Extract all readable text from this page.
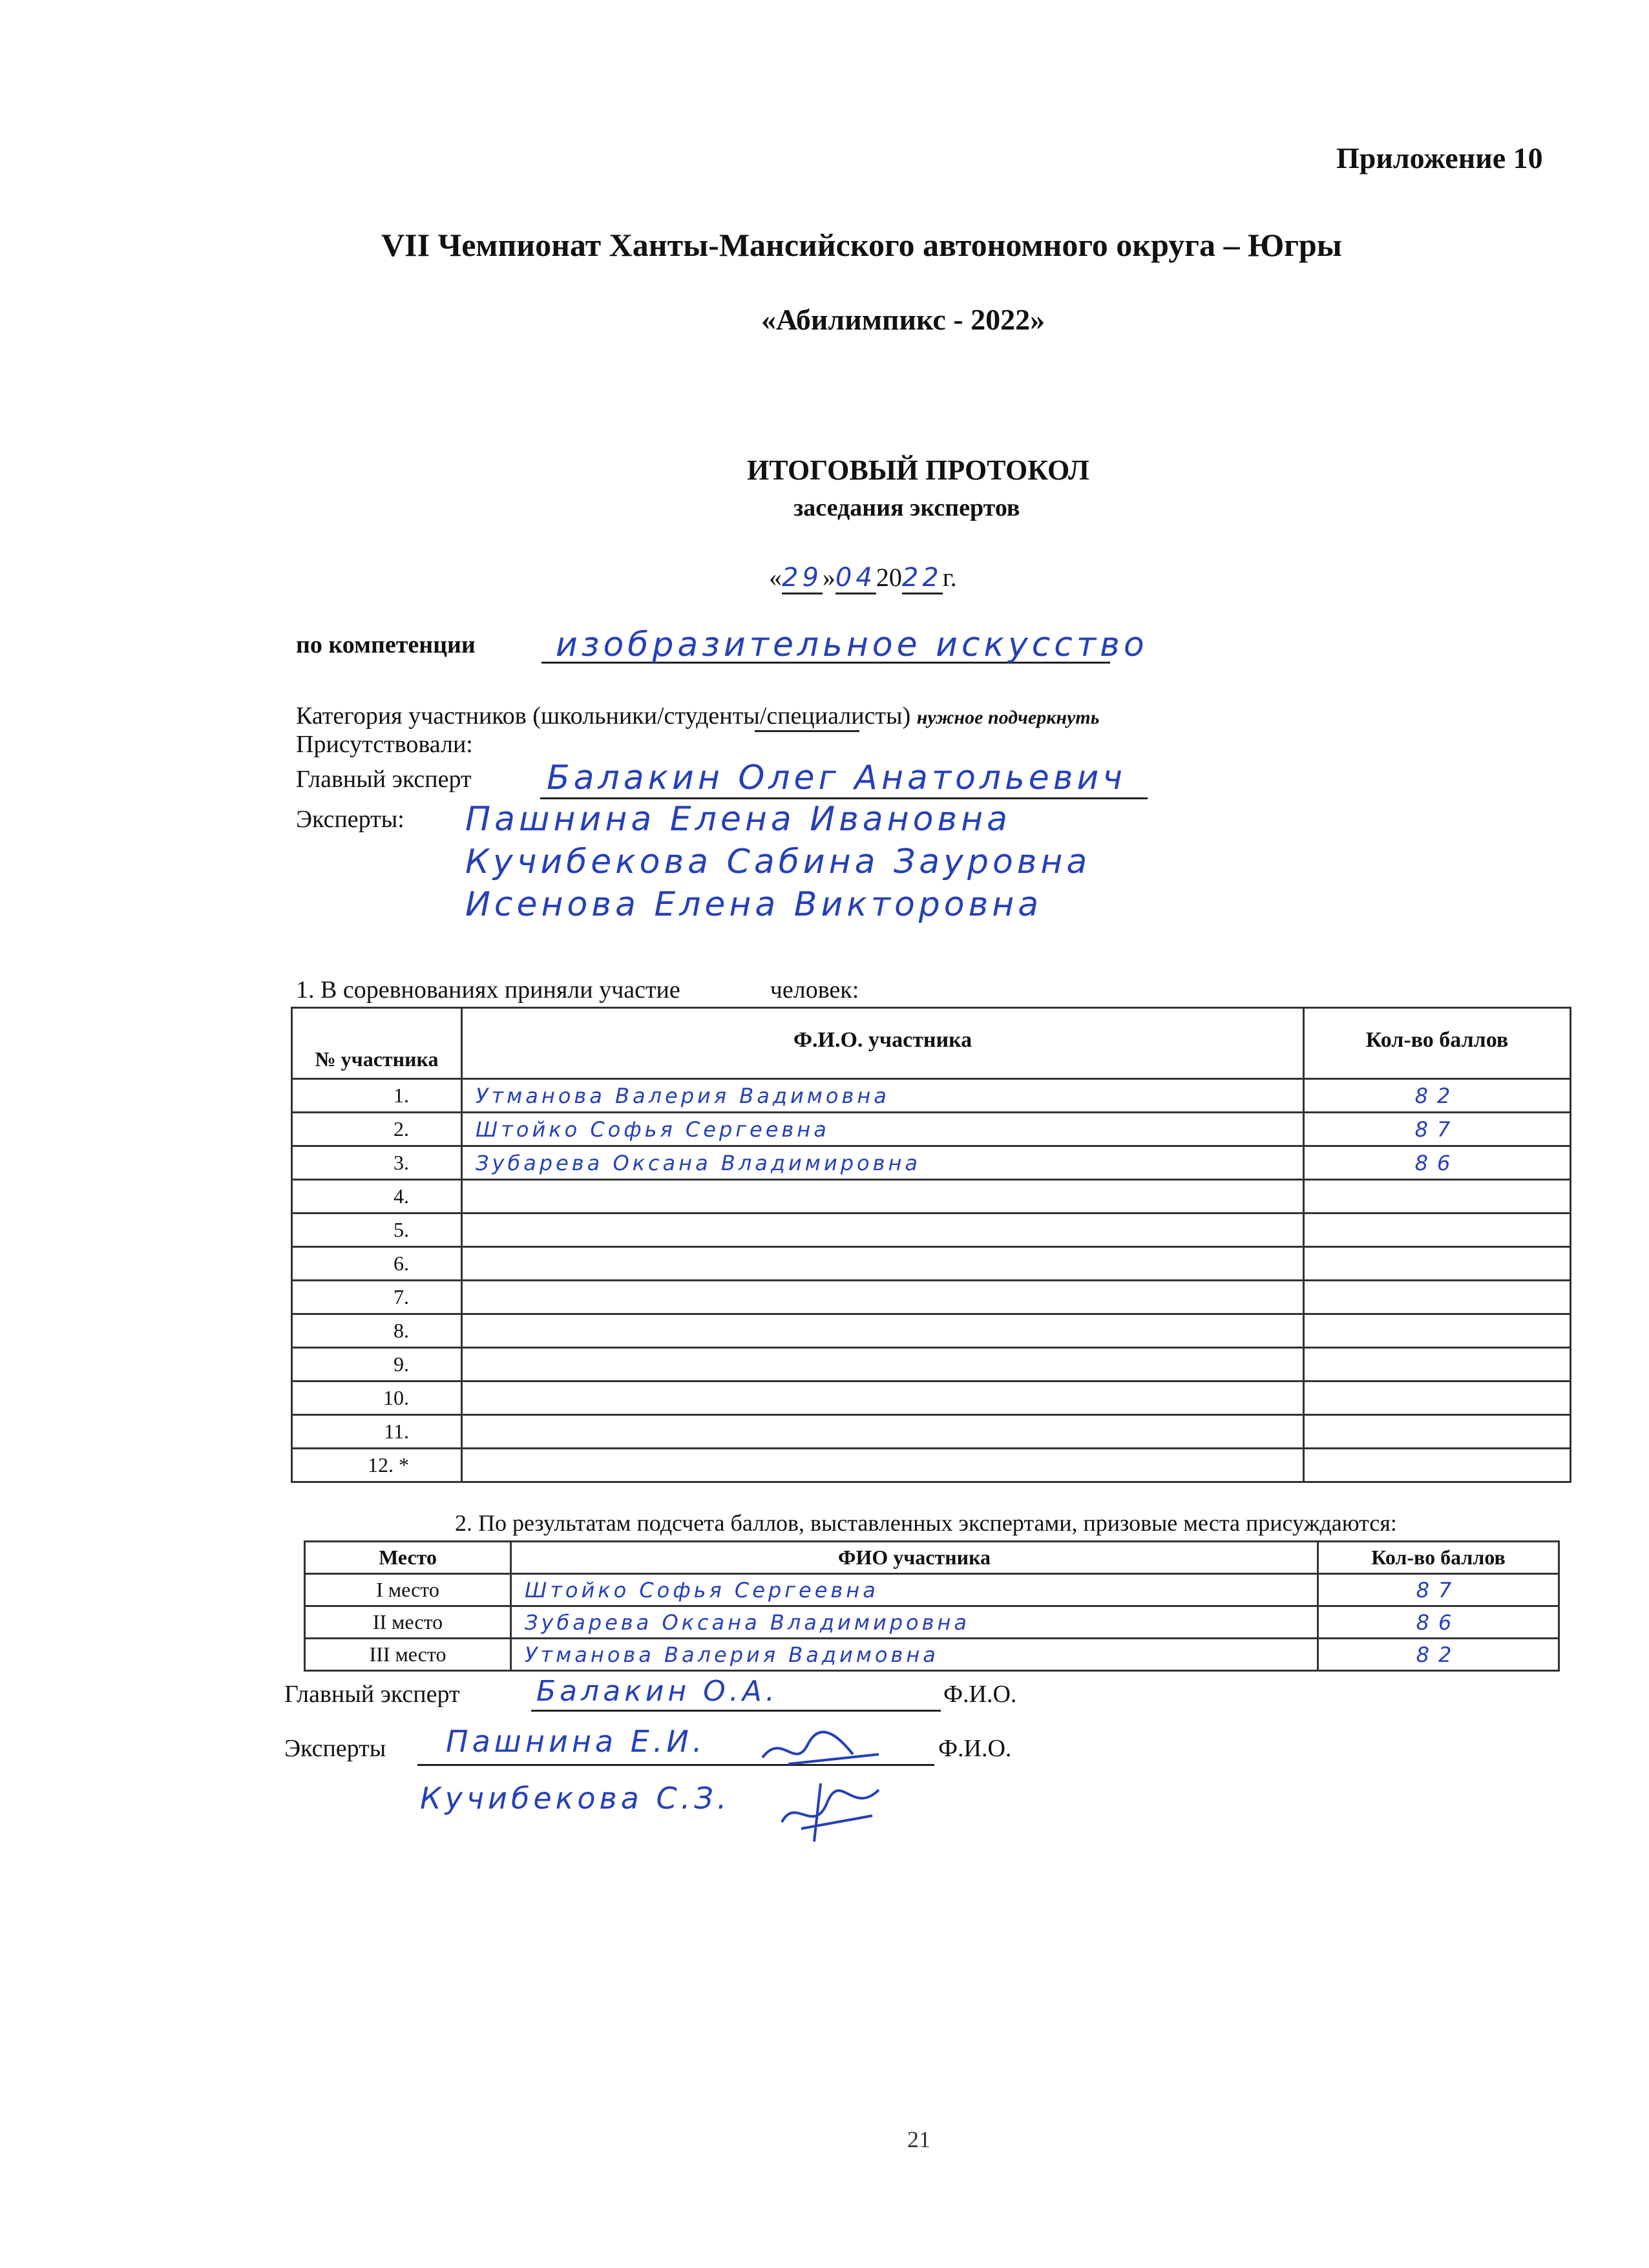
Приложение 10
VII Чемпионат Ханты-Мансийского автономного округа – Югры
«Абилимпикс - 2022»
ИТОГОВЫЙ ПРОТОКОЛ
заседания экспертов
«29»042022г.
по компетенции изобразительное искусство
Категория участников (школьники/студенты/специалисты) нужное подчеркнуть
Присутствовали:
Главный эксперт Балакин Олег Анатольевич
Эксперты: Пашнина Елена Ивановна
Кучибекова Сабина Зауровна
Исенова Елена Викторовна
1. В соревнованиях приняли участие	человек:
№ участника	Ф.И.О. участника	Кол-во баллов
1.	Утманова Валерия Вадимовна	82
2.	Штойко Софья Сергеевна	87
3.	Зубарева Оксана Владимировна	86
4.		
5.		
6.		
7.		
8.		
9.		
10.		
11.		
12. *		
2. По результатам подсчета баллов, выставленных экспертами, призовые места присуждаются:
Место	ФИО участника	Кол-во баллов
I место	Штойко Софья Сергеевна	87
II место	Зубарева Оксана Владимировна	86
III место	Утманова Валерия Вадимовна	82
Главный эксперт	Балакин О.А.	Ф.И.О.
Эксперты Пашнина Е.И.	Ф.И.О.
Кучибекова С.З.
21
